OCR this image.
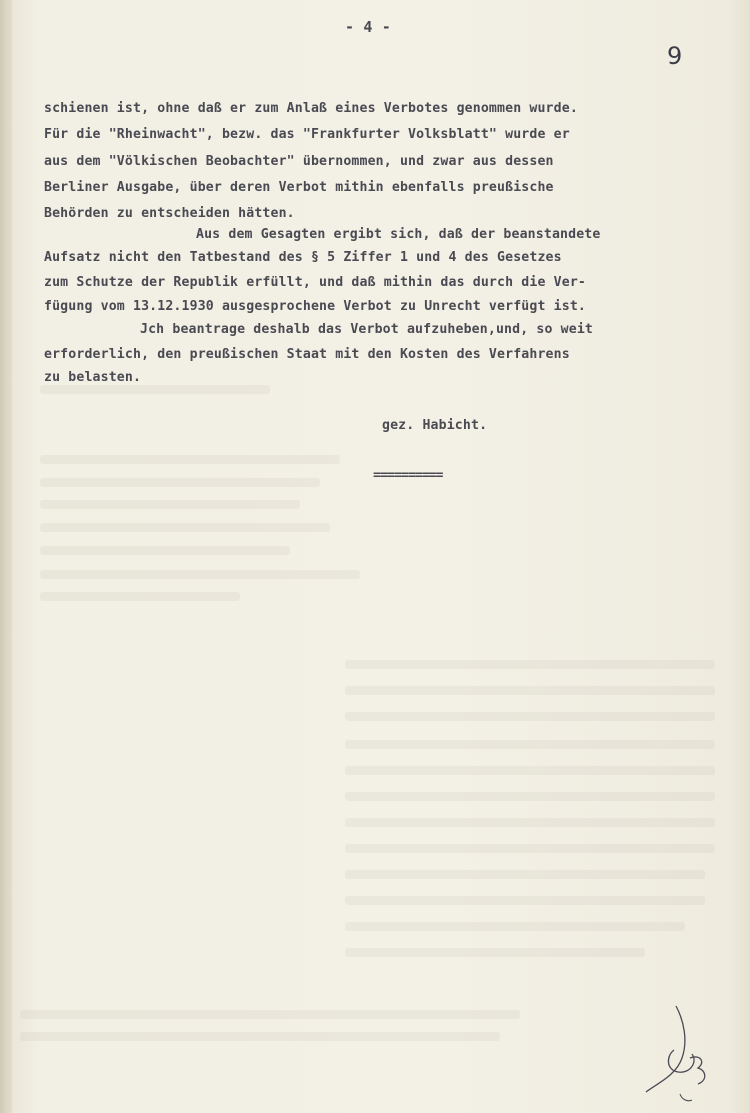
- 4 -
9
schienen ist, ohne daß er zum Anlaß eines Verbotes genommen wurde.
Für die "Rheinwacht", bezw. das "Frankfurter Volksblatt" wurde er
aus dem "Völkischen Beobachter" übernommen, und zwar aus dessen
Berliner Ausgabe, über deren Verbot mithin ebenfalls preußische
Behörden zu entscheiden hätten.
Aus dem Gesagten ergibt sich, daß der beanstandete
Aufsatz nicht den Tatbestand des § 5 Ziffer 1 und 4 des Gesetzes
zum Schutze der Republik erfüllt, und daß mithin das durch die Ver-
fügung vom 13.12.1930 ausgesprochene Verbot zu Unrecht verfügt ist.
Jch beantrage deshalb das Verbot aufzuheben,und, so weit
erforderlich, den preußischen Staat mit den Kosten des Verfahrens
zu belasten.
gez. Habicht.
==========
